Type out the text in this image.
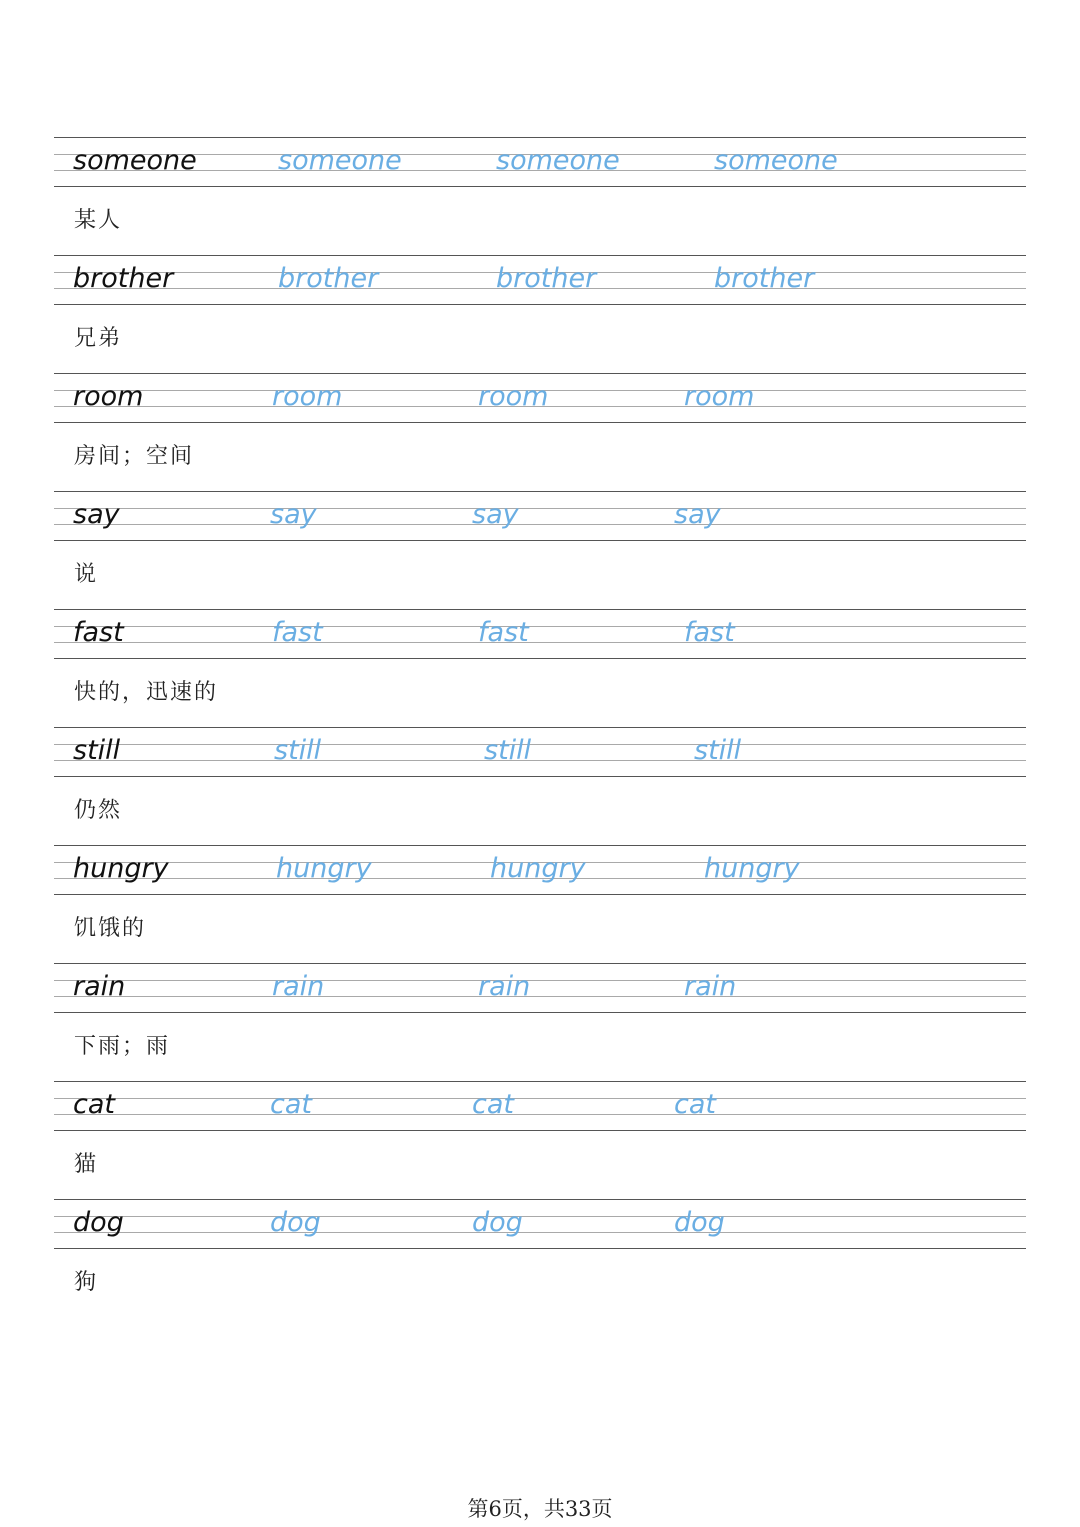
someone	someone	someone	someone
某人
brother	brother	brother	brother
兄弟
room	room	room	room
房间；空间
say	say	say	say
说
fast	fast	fast	fast
快的，迅速的
still	still	still	still
仍然
hungry	hungry	hungry	hungry
饥饿的
rain	rain	rain	rain
下雨；雨
cat	cat	cat	cat
猫
dog	dog	dog	dog
狗
第6页，共33页
